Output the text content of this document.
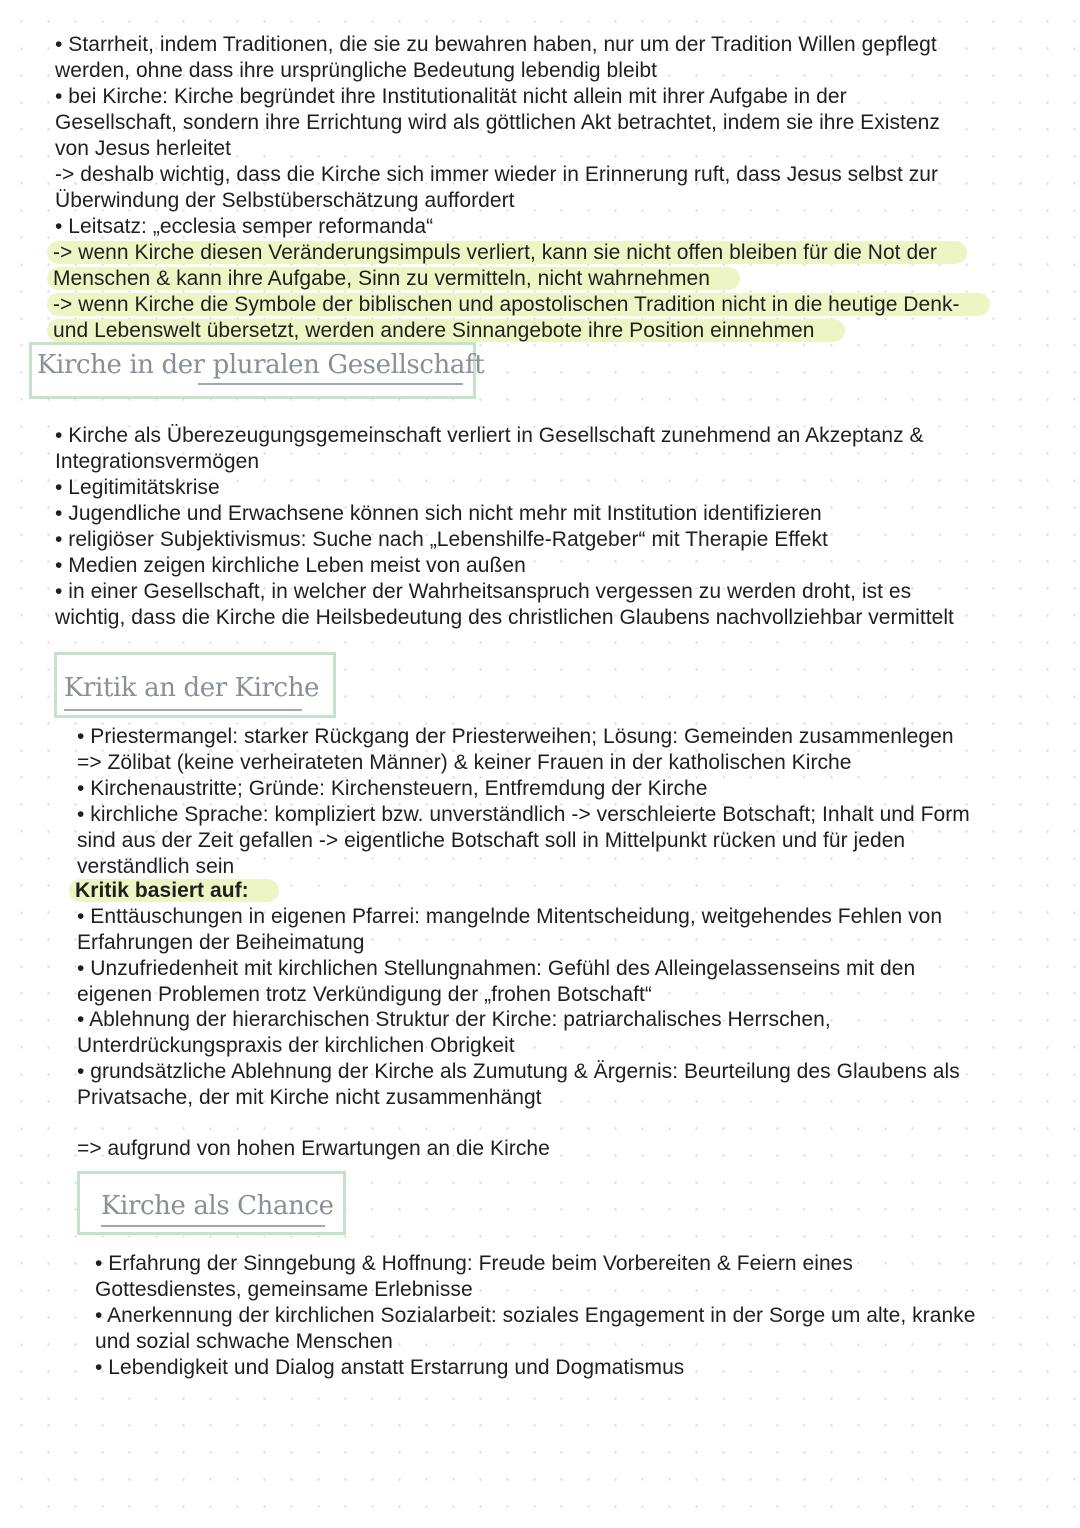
• Starrheit, indem Traditionen, die sie zu bewahren haben, nur um der Tradition Willen gepflegt
werden, ohne dass ihre ursprüngliche Bedeutung lebendig bleibt
• bei Kirche: Kirche begründet ihre Institutionalität nicht allein mit ihrer Aufgabe in der
Gesellschaft, sondern ihre Errichtung wird als göttlichen Akt betrachtet, indem sie ihre Existenz
von Jesus herleitet
-> deshalb wichtig, dass die Kirche sich immer wieder in Erinnerung ruft, dass Jesus selbst zur
Überwindung der Selbstüberschätzung auffordert
• Leitsatz: „ecclesia semper reformanda“
-> wenn Kirche diesen Veränderungsimpuls verliert, kann sie nicht offen bleiben für die Not der
Menschen & kann ihre Aufgabe, Sinn zu vermitteln, nicht wahrnehmen
-> wenn Kirche die Symbole der biblischen und apostolischen Tradition nicht in die heutige Denk-
und Lebenswelt übersetzt, werden andere Sinnangebote ihre Position einnehmen
Kirche in der pluralen Gesellschaft
• Kirche als Überezeugungsgemeinschaft verliert in Gesellschaft zunehmend an Akzeptanz &
Integrationsvermögen
• Legitimitätskrise
• Jugendliche und Erwachsene können sich nicht mehr mit Institution identifizieren
• religiöser Subjektivismus: Suche nach „Lebenshilfe-Ratgeber“ mit Therapie Effekt
• Medien zeigen kirchliche Leben meist von außen
• in einer Gesellschaft, in welcher der Wahrheitsanspruch vergessen zu werden droht, ist es
wichtig, dass die Kirche die Heilsbedeutung des christlichen Glaubens nachvollziehbar vermittelt
Kritik an der Kirche
• Priestermangel: starker Rückgang der Priesterweihen; Lösung: Gemeinden zusammenlegen
=> Zölibat (keine verheirateten Männer) & keiner Frauen in der katholischen Kirche
• Kirchenaustritte; Gründe: Kirchensteuern, Entfremdung der Kirche
• kirchliche Sprache: kompliziert bzw. unverständlich -> verschleierte Botschaft; Inhalt und Form
sind aus der Zeit gefallen -> eigentliche Botschaft soll in Mittelpunkt rücken und für jeden
verständlich sein
Kritik basiert auf:
• Enttäuschungen in eigenen Pfarrei: mangelnde Mitentscheidung, weitgehendes Fehlen von
Erfahrungen der Beiheimatung
• Unzufriedenheit mit kirchlichen Stellungnahmen: Gefühl des Alleingelassenseins mit den
eigenen Problemen trotz Verkündigung der „frohen Botschaft“
• Ablehnung der hierarchischen Struktur der Kirche: patriarchalisches Herrschen,
Unterdrückungspraxis der kirchlichen Obrigkeit
• grundsätzliche Ablehnung der Kirche als Zumutung & Ärgernis: Beurteilung des Glaubens als
Privatsache, der mit Kirche nicht zusammenhängt
=> aufgrund von hohen Erwartungen an die Kirche
Kirche als Chance
• Erfahrung der Sinngebung & Hoffnung: Freude beim Vorbereiten & Feiern eines
Gottesdienstes, gemeinsame Erlebnisse
• Anerkennung der kirchlichen Sozialarbeit: soziales Engagement in der Sorge um alte, kranke
und sozial schwache Menschen
• Lebendigkeit und Dialog anstatt Erstarrung und Dogmatismus
